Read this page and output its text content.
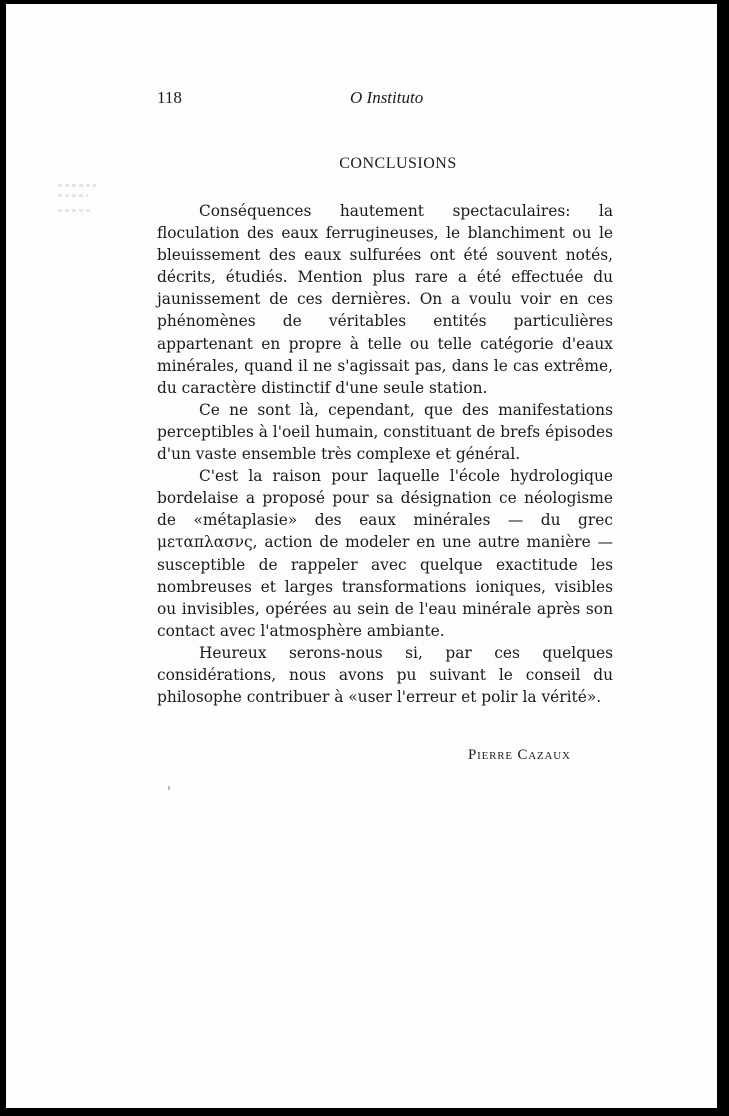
118	O Instituto
CONCLUSIONS

Conséquences hautement spectaculaires: la floculation des eaux ferrugineuses, le blanchiment ou le bleuissement des eaux sulfurées ont été souvent notés, décrits, étudiés. Mention plus rare a été effectuée du jaunissement de ces dernières. On a voulu voir en ces phénomènes de véritables entités particulières appartenant en propre à telle ou telle catégorie d'eaux minérales, quand il ne s'agissait pas, dans le cas extrême, du caractère distinctif d'une seule station.

Ce ne sont là, cependant, que des manifestations perceptibles à l'oeil humain, constituant de brefs épisodes d'un vaste ensemble très complexe et général.

C'est la raison pour laquelle l'école hydrologique bordelaise a proposé pour sa désignation ce néologisme de «métaplasie» des eaux minérales — du grec μεταπλασνς, action de modeler en une autre manière — susceptible de rappeler avec quelque exactitude les nombreuses et larges transformations ioniques, visibles ou invisibles, opérées au sein de l'eau minérale après son contact avec l'atmosphère ambiante.

Heureux serons-nous si, par ces quelques considérations, nous avons pu suivant le conseil du philosophe contribuer à «user l'erreur et polir la vérité».

Pierre Cazaux
